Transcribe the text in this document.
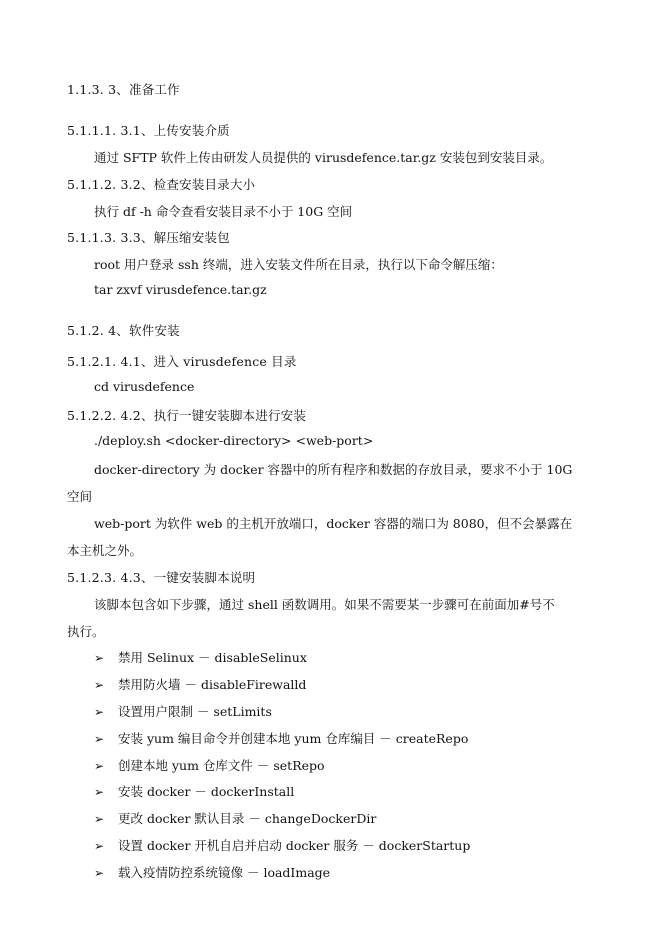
1.1.3. 3、准备工作
5.1.1.1. 3.1、上传安装介质
通过 SFTP 软件上传由研发人员提供的 virusdefence.tar.gz 安装包到安装目录。
5.1.1.2. 3.2、检查安装目录大小
执行 df -h 命令查看安装目录不小于 10G 空间
5.1.1.3. 3.3、解压缩安装包
root 用户登录 ssh 终端，进入安装文件所在目录，执行以下命令解压缩：
tar zxvf virusdefence.tar.gz
5.1.2. 4、软件安装
5.1.2.1. 4.1、进入 virusdefence 目录
cd virusdefence
5.1.2.2. 4.2、执行一键安装脚本进行安装
./deploy.sh <docker-directory> <web-port>
docker-directory 为 docker 容器中的所有程序和数据的存放目录，要求不小于 10G
空间
web-port 为软件 web 的主机开放端口，docker 容器的端口为 8080，但不会暴露在
本主机之外。
5.1.2.3. 4.3、一键安装脚本说明
该脚本包含如下步骤，通过 shell 函数调用。如果不需要某一步骤可在前面加#号不
执行。
➢ 禁用 Selinux － disableSelinux
➢ 禁用防火墙 － disableFirewalld
➢ 设置用户限制 － setLimits
➢ 安装 yum 编目命令并创建本地 yum 仓库编目 － createRepo
➢ 创建本地 yum 仓库文件 － setRepo
➢ 安装 docker － dockerInstall
➢ 更改 docker 默认目录 － changeDockerDir
➢ 设置 docker 开机自启并启动 docker 服务 － dockerStartup
➢ 载入疫情防控系统镜像 － loadImage
